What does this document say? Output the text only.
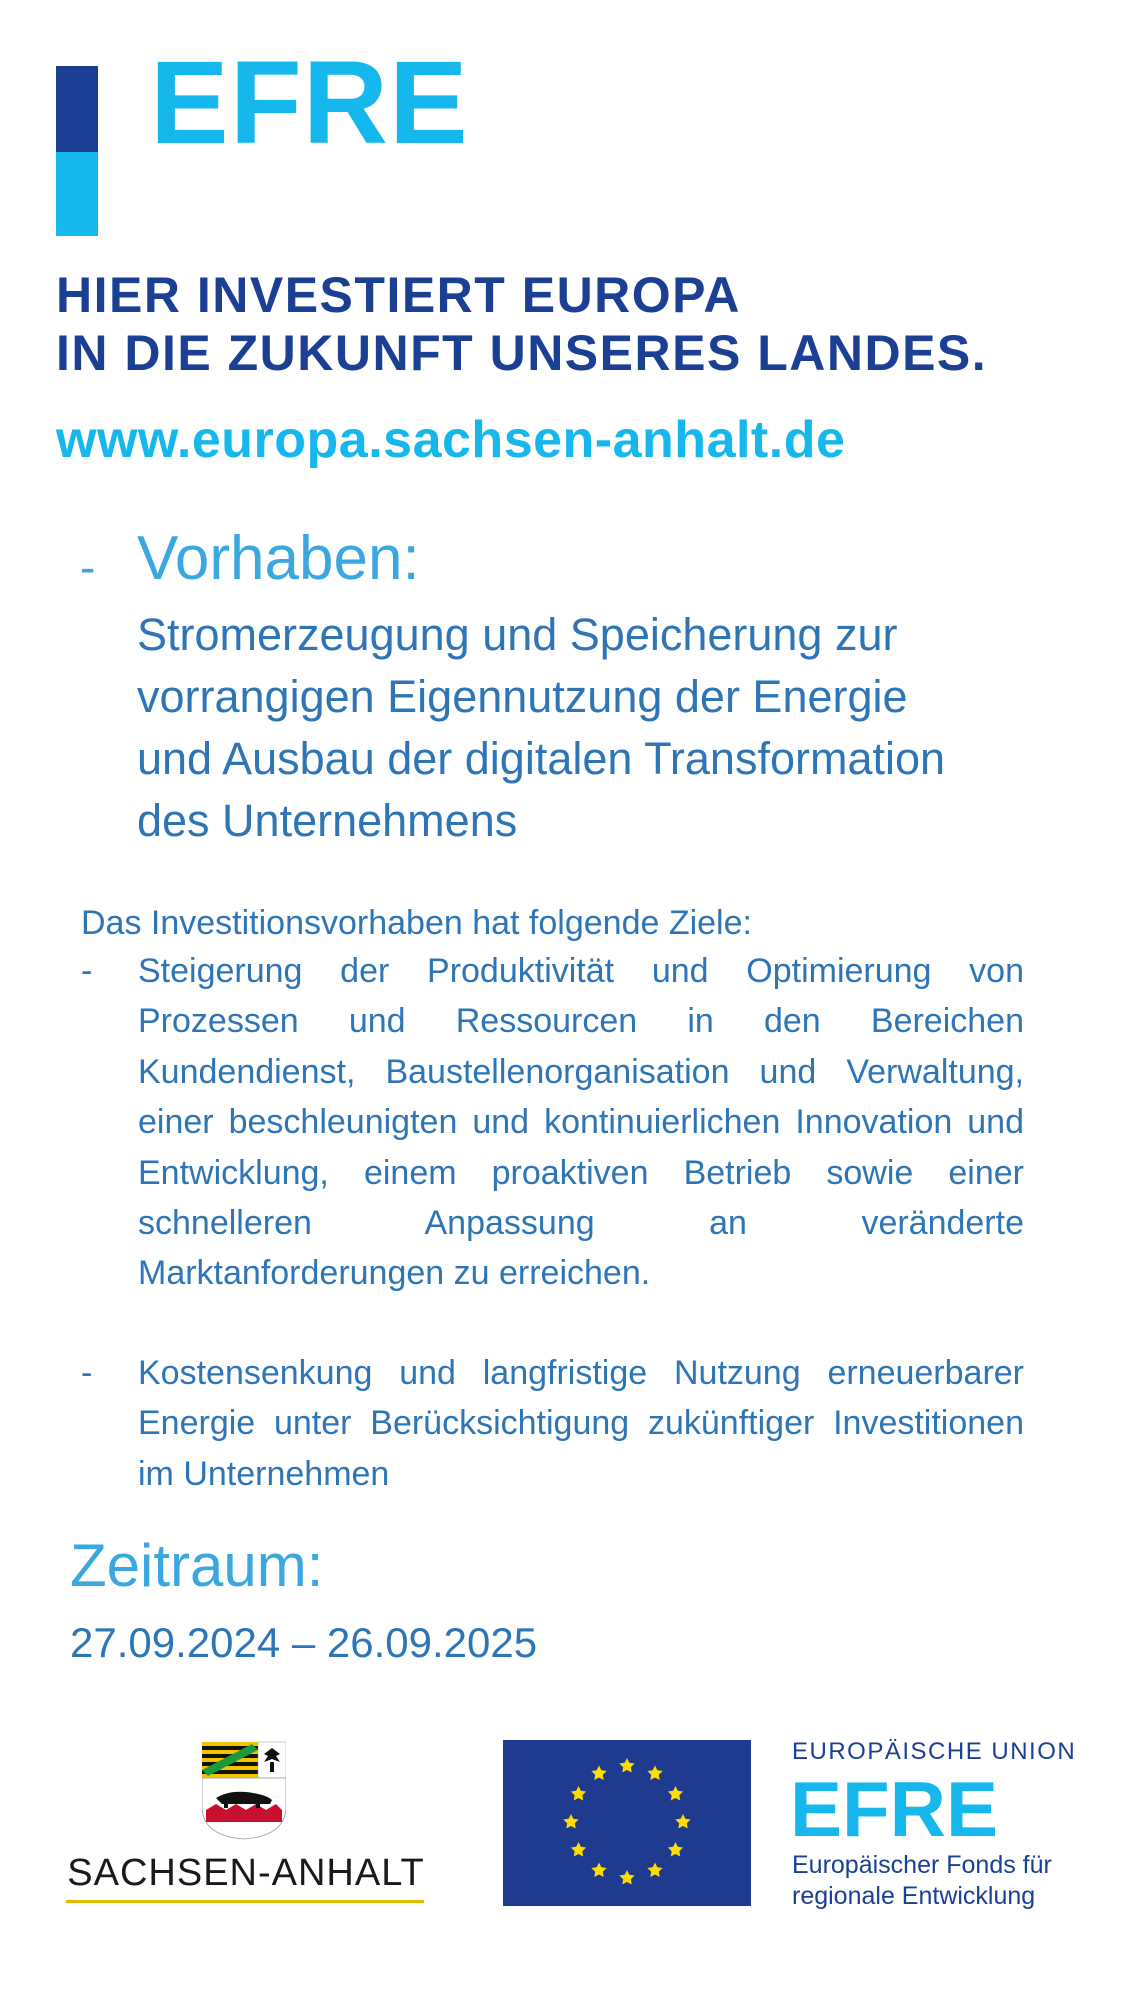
EFRE
HIER INVESTIERT EUROPA
IN DIE ZUKUNFT UNSERES LANDES.
www.europa.sachsen-anhalt.de
- Vorhaben:
Stromerzeugung und Speicherung zur
vorrangigen Eigennutzung der Energie
und Ausbau der digitalen Transformation
des Unternehmens
Das Investitionsvorhaben hat folgende Ziele:
- Steigerung der Produktivität und Optimierung von Prozessen und Ressourcen in den Bereichen Kundendienst, Baustellenorganisation und Verwaltung, einer beschleunigten und kontinuierlichen Innovation und Entwicklung, einem proaktiven Betrieb sowie einer schnelleren Anpassung an veränderte Marktanforderungen zu erreichen.
- Kostensenkung und langfristige Nutzung erneuerbarer Energie unter Berücksichtigung zukünftiger Investitionen im Unternehmen
Zeitraum:
27.09.2024 – 26.09.2025
SACHSEN-ANHALT
EUROPÄISCHE UNION
EFRE
Europäischer Fonds für
regionale Entwicklung
